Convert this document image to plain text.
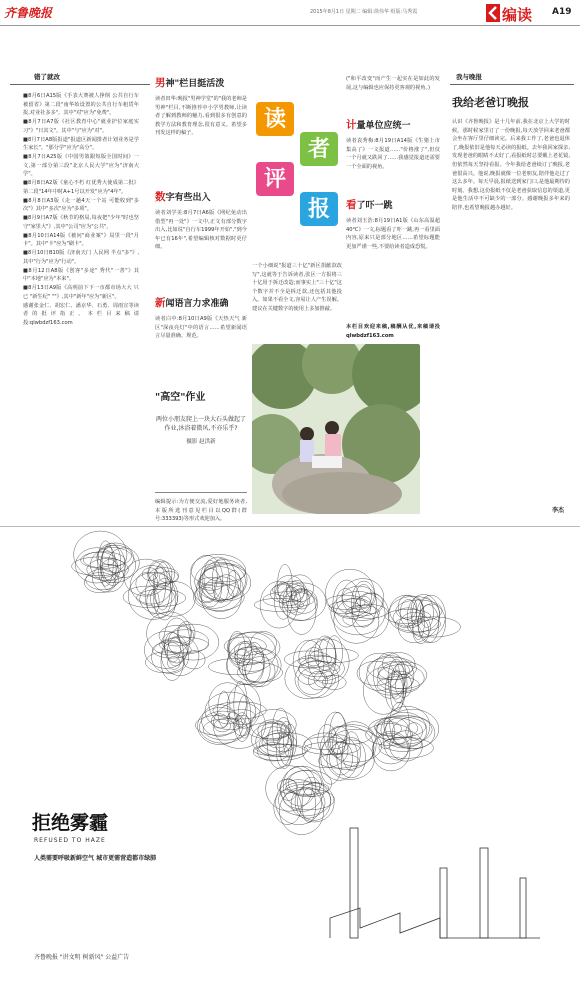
齐鲁晚报	2015年8月1日 星期二 编辑:徐伟华 组版:马秀霞	编读 A19
错了就改
■8月6日A15版《手表大赛被人挣倒 公共自行车被留省》第二段"南华始设置的公共自行车租赁年报,对业社多多"。其中"对"应为"免费"。
■8月7日A7版《社区教育中心"就业护位家庭实习"》"日其文"。其中"与"应为"对"。
■8月7日A8版报道"报道区新闻排者计划业务是学生家长"。"那分学"应为"高分"。
■8月7日A25版《中国男篮跟短版全国时间》一文,第一部分第三段"北京人民大学"应为"济南大学"。
■8月8日A2版《童心不朽 红优秀大使成第二批》第二段"14年中时A+1号以开发"应为"4年"。
■8月8日A3版《走一趟4天一个站 可能收到"多次"》其中"多次"应为"多项"。
■8月9日A7版《秋节的格局,每夜把"少年"时也坚守"家里大"》,其中"公司"应为"公共"。
■8月10日A14版《被问"商业案"》局里一段"月卡"。其中"卡"应为"刷卡"。
■8月10日B10版《济南天门 人民网 半点"多"》,其中"行为"应为"行动"。
■8月12日A8版《创客"多途" 秀代"一善"》其中"本地"应为"本来"。
■8月13日A9版《高明前下下一市都市场大大 只 已 "新生纪" ""》,其中"新年"应为"新区"。
感谢张金仁、胡宏仁、潘京华、石勇、周雨宣等读者的批评指正。本栏目来稿请投:qlwbdzf163.com
男神"栏目挺活泼
读者田华:晚报"男神学堂"的"我的老师是男神"栏目,不断推荐中小学男教师,让读者了解到教师的魅力,看到很多有创意的教学方法和教育理念,很有意义。希望多刊发这样的稿子。
数字有些出入
读者刘学美:8月7日A6版《网纪免动出借型"再一处"》一文中,正文有部分数字出入,比如说"自行车1999年开始","到今年已有16年",希望编辑核对数据时更仔细。
新闻语言力求准确
读者白中:8月10日A9版《天热天气 新区"深夜亮灯"中的语言……希望新闻语言尽量准确、规范。
"高空"作业
两位小朋友爬上一块大石头做起了作业,沐浴着微风,不亦乐乎?
摄影 赵洪新
编辑提示:为方便交流,爱好地服务读者,本版所选刊意见栏目以QQ群(群号:333393)等形式欢迎加入。
读
者
评
报
一个小细说"报道三十亿"新区捐献款改写",这就等于告诉读者,张区一方报将三十亿用于拆迁改造;而事实上"三十亿"这个数字并不全是拆迁款,还包括其他投入。如果不看全文,容易让人产生误解。建议在关键数字的使用上多加推敲。
("和平改变"而产生一起实在是如此的发展,这与编辑也应保持更客观的视角。)
计量单位应统一
读者袁秀梅:8月19日A14版《生猪上市集高了》一文报道……"价格涨了",但仅一个月就又跌回了……我感觉报道还需要一个全面的视角。
看了吓一跳
读者刘玉浩:8月19日A1版《山东高温超40℃》一文,标题看了吓一跳,再一看里面内容,原来只是部分地区……希望标题能更加严谨一些,不要给读者造成恐慌。
本栏目欢迎来稿,稿酬从优,来稿请投qlwbdzf163.com
我与晚报
我给老爸订晚报
认识《齐鲁晚报》是十几年前,我在北京上大学的时候。那时候家里订了一份晚报,每天放学回来老爸都会坐在客厅里仔细读完。后来我工作了,老爸也退休了,晚报依旧是他每天必读的报纸。去年我回家探亲,发现老爸的眼睛不太好了,看报纸时总要戴上老花镜,但依然每天坚持看报。今年我给老爸续订了晚报,老爸很高兴。他说,晚报就像一位老朋友,陪伴他走过了这么多年。每天早晨,报纸送到家门口,是他最期待的时刻。我想,这份报纸不仅是老爸获取信息的渠道,更是他生活中不可缺少的一部分。感谢晚报多年来的陪伴,也希望晚报越办越好。
李杰
拒绝雾霾
REFUSED TO HAZE
人类需要呼吸新鲜空气 城市更需营造都市绿肺
齐鲁晚报 "讲文明 树新风" 公益广告
